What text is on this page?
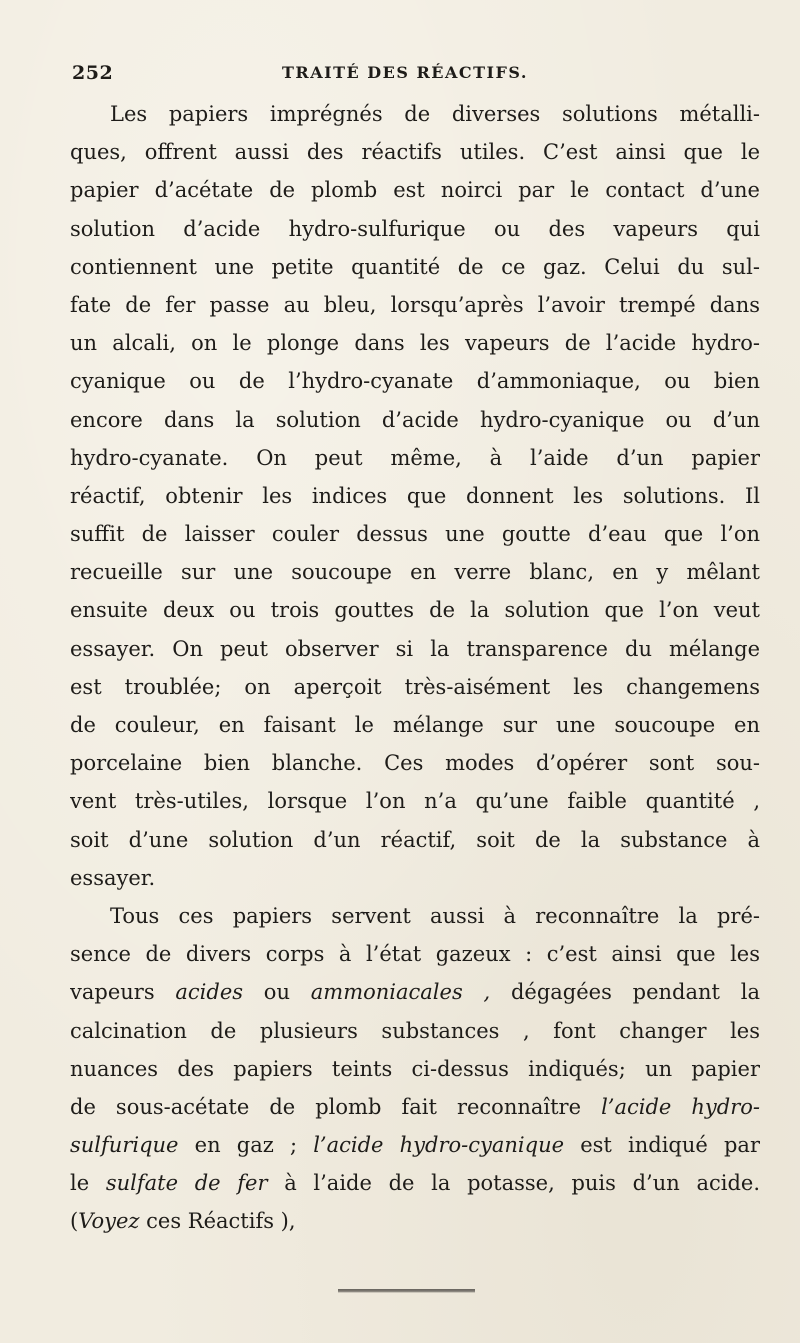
252	TRAITÉ DES RÉACTIFS.
Les papiers imprégnés de diverses solutions métalli-
ques, offrent aussi des réactifs utiles. C’est ainsi que le
papier d’acétate de plomb est noirci par le contact d’une
solution d’acide hydro-sulfurique ou des vapeurs qui
contiennent une petite quantité de ce gaz. Celui du sul-
fate de fer passe au bleu, lorsqu’après l’avoir trempé dans
un alcali, on le plonge dans les vapeurs de l’acide hydro-
cyanique ou de l’hydro-cyanate d’ammoniaque, ou bien
encore dans la solution d’acide hydro-cyanique ou d’un
hydro-cyanate. On peut même, à l’aide d’un papier
réactif, obtenir les indices que donnent les solutions. Il
suffit de laisser couler dessus une goutte d’eau que l’on
recueille sur une soucoupe en verre blanc, en y mêlant
ensuite deux ou trois gouttes de la solution que l’on veut
essayer. On peut observer si la transparence du mélange
est troublée; on aperçoit très-aisément les changemens
de couleur, en faisant le mélange sur une soucoupe en
porcelaine bien blanche. Ces modes d’opérer sont sou-
vent très-utiles, lorsque l’on n’a qu’une faible quantité ,
soit d’une solution d’un réactif, soit de la substance à
essayer.
Tous ces papiers servent aussi à reconnaître la pré-
sence de divers corps à l’état gazeux : c’est ainsi que les
vapeurs acides ou ammoniacales , dégagées pendant la
calcination de plusieurs substances , font changer les
nuances des papiers teints ci-dessus indiqués; un papier
de sous-acétate de plomb fait reconnaître l’acide hydro-
sulfurique en gaz ; l’acide hydro-cyanique est indiqué par
le sulfate de fer à l’aide de la potasse, puis d’un acide.
(Voyez ces Réactifs ),
